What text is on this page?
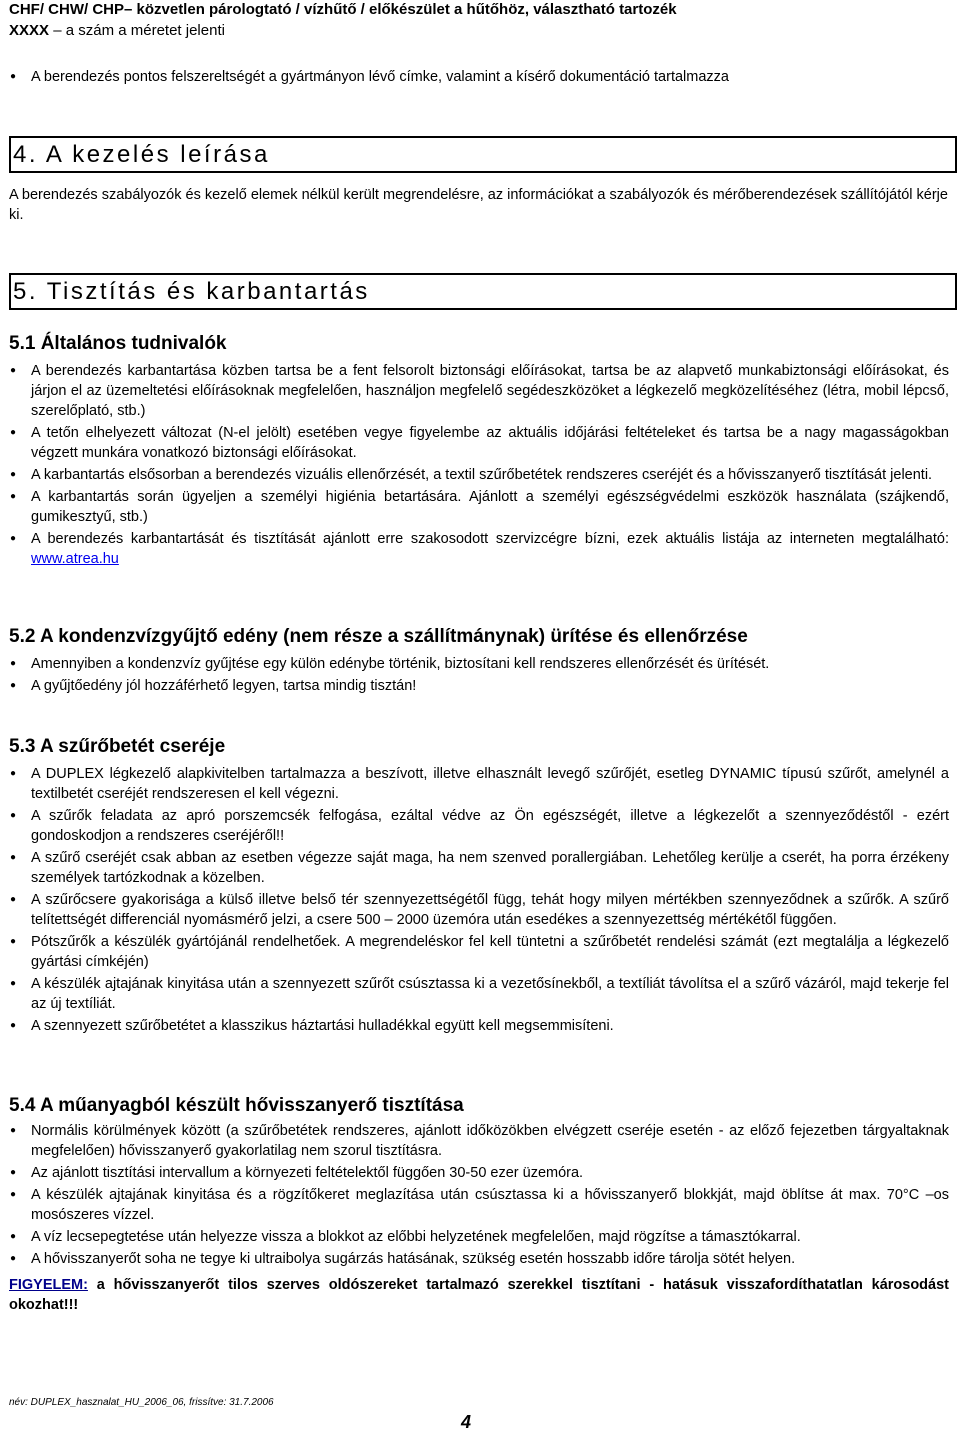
CHF/ CHW/ CHP– közvetlen párologtató / vízhűtő / előkészület a hűtőhöz, választható tartozék
XXXX – a szám a méretet jelenti
● A berendezés pontos felszereltségét a gyártmányon lévő címke, valamint a kísérő dokumentáció tartalmazza
4. A kezelés leírása
A berendezés szabályozók és kezelő elemek nélkül került megrendelésre, az információkat a szabályozók és mérőberendezések szállítójától kérje ki.
5. Tisztítás és karbantartás
5.1 Általános tudnivalók
● A berendezés karbantartása közben tartsa be a fent felsorolt biztonsági előírásokat, tartsa be az alapvető munkabiztonsági előírásokat, és járjon el az üzemeltetési előírásoknak megfelelően, használjon megfelelő segédeszközöket a légkezelő megközelítéséhez (létra, mobil lépcső, szerelőplató, stb.)
● A tetőn elhelyezett változat (N-el jelölt) esetében vegye figyelembe az aktuális időjárási feltételeket és tartsa be a nagy magasságokban végzett munkára vonatkozó biztonsági előírásokat.
● A karbantartás elsősorban a berendezés vizuális ellenőrzését, a textil szűrőbetétek rendszeres cseréjét és a hővisszanyerő tisztítását jelenti.
● A karbantartás során ügyeljen a személyi higiénia betartására. Ajánlott a személyi egészségvédelmi eszközök használata (szájkendő, gumikesztyű, stb.)
● A berendezés karbantartását és tisztítását ajánlott erre szakosodott szervizcégre bízni, ezek aktuális listája az interneten megtalálható: www.atrea.hu
5.2 A kondenzvízgyűjtő edény (nem része a szállítmánynak) ürítése és ellenőrzése
● Amennyiben a kondenzvíz gyűjtése egy külön edénybe történik, biztosítani kell rendszeres ellenőrzését és ürítését.
● A gyűjtőedény jól hozzáférhető legyen, tartsa mindig tisztán!
5.3 A szűrőbetét cseréje
● A DUPLEX légkezelő alapkivitelben tartalmazza a beszívott, illetve elhasznált levegő szűrőjét, esetleg DYNAMIC típusú szűrőt, amelynél a textilbetét cseréjét rendszeresen el kell végezni.
● A szűrők feladata az apró porszemcsék felfogása, ezáltal védve az Ön egészségét, illetve a légkezelőt a szennyeződéstől - ezért gondoskodjon a rendszeres cseréjéről!!
● A szűrő cseréjét csak abban az esetben végezze saját maga, ha nem szenved porallergiában. Lehetőleg kerülje a cserét, ha porra érzékeny személyek tartózkodnak a közelben.
● A szűrőcsere gyakorisága a külső illetve belső tér szennyezettségétől függ, tehát hogy milyen mértékben szennyeződnek a szűrők. A szűrő telítettségét differenciál nyomásmérő jelzi, a csere 500 – 2000 üzemóra után esedékes a szennyezettség mértékétől függően.
● Pótszűrők a készülék gyártójánál rendelhetőek. A megrendeléskor fel kell tüntetni a szűrőbetét rendelési számát (ezt megtalálja a légkezelő gyártási címkéjén)
● A készülék ajtajának kinyitása után a szennyezett szűrőt csúsztassa ki a vezetősínekből, a textíliát távolítsa el a szűrő vázáról, majd tekerje fel az új textíliát.
● A szennyezett szűrőbetétet a klasszikus háztartási hulladékkal együtt kell megsemmisíteni.
5.4 A műanyagból készült hővisszanyerő tisztítása
● Normális körülmények között (a szűrőbetétek rendszeres, ajánlott időközökben elvégzett cseréje esetén - az előző fejezetben tárgyaltaknak megfelelően) hővisszanyerő gyakorlatilag nem szorul tisztításra.
● Az ajánlott tisztítási intervallum a környezeti feltételektől függően 30-50 ezer üzemóra.
● A készülék ajtajának kinyitása és a rögzítőkeret meglazítása után csúsztassa ki a hővisszanyerő blokkját, majd öblítse át max. 70°C –os mosószeres vízzel.
● A víz lecsepegtetése után helyezze vissza a blokkot az előbbi helyzetének megfelelően, majd rögzítse a támasztókarral.
● A hővisszanyerőt soha ne tegye ki ultraibolya sugárzás hatásának, szükség esetén hosszabb időre tárolja sötét helyen.
FIGYELEM: a hővisszanyerőt tilos szerves oldószereket tartalmazó szerekkel tisztítani - hatásuk visszafordíthatatlan károsodást okozhat!!!
név: DUPLEX_hasznalat_HU_2006_06, frissítve: 31.7.2006
4
